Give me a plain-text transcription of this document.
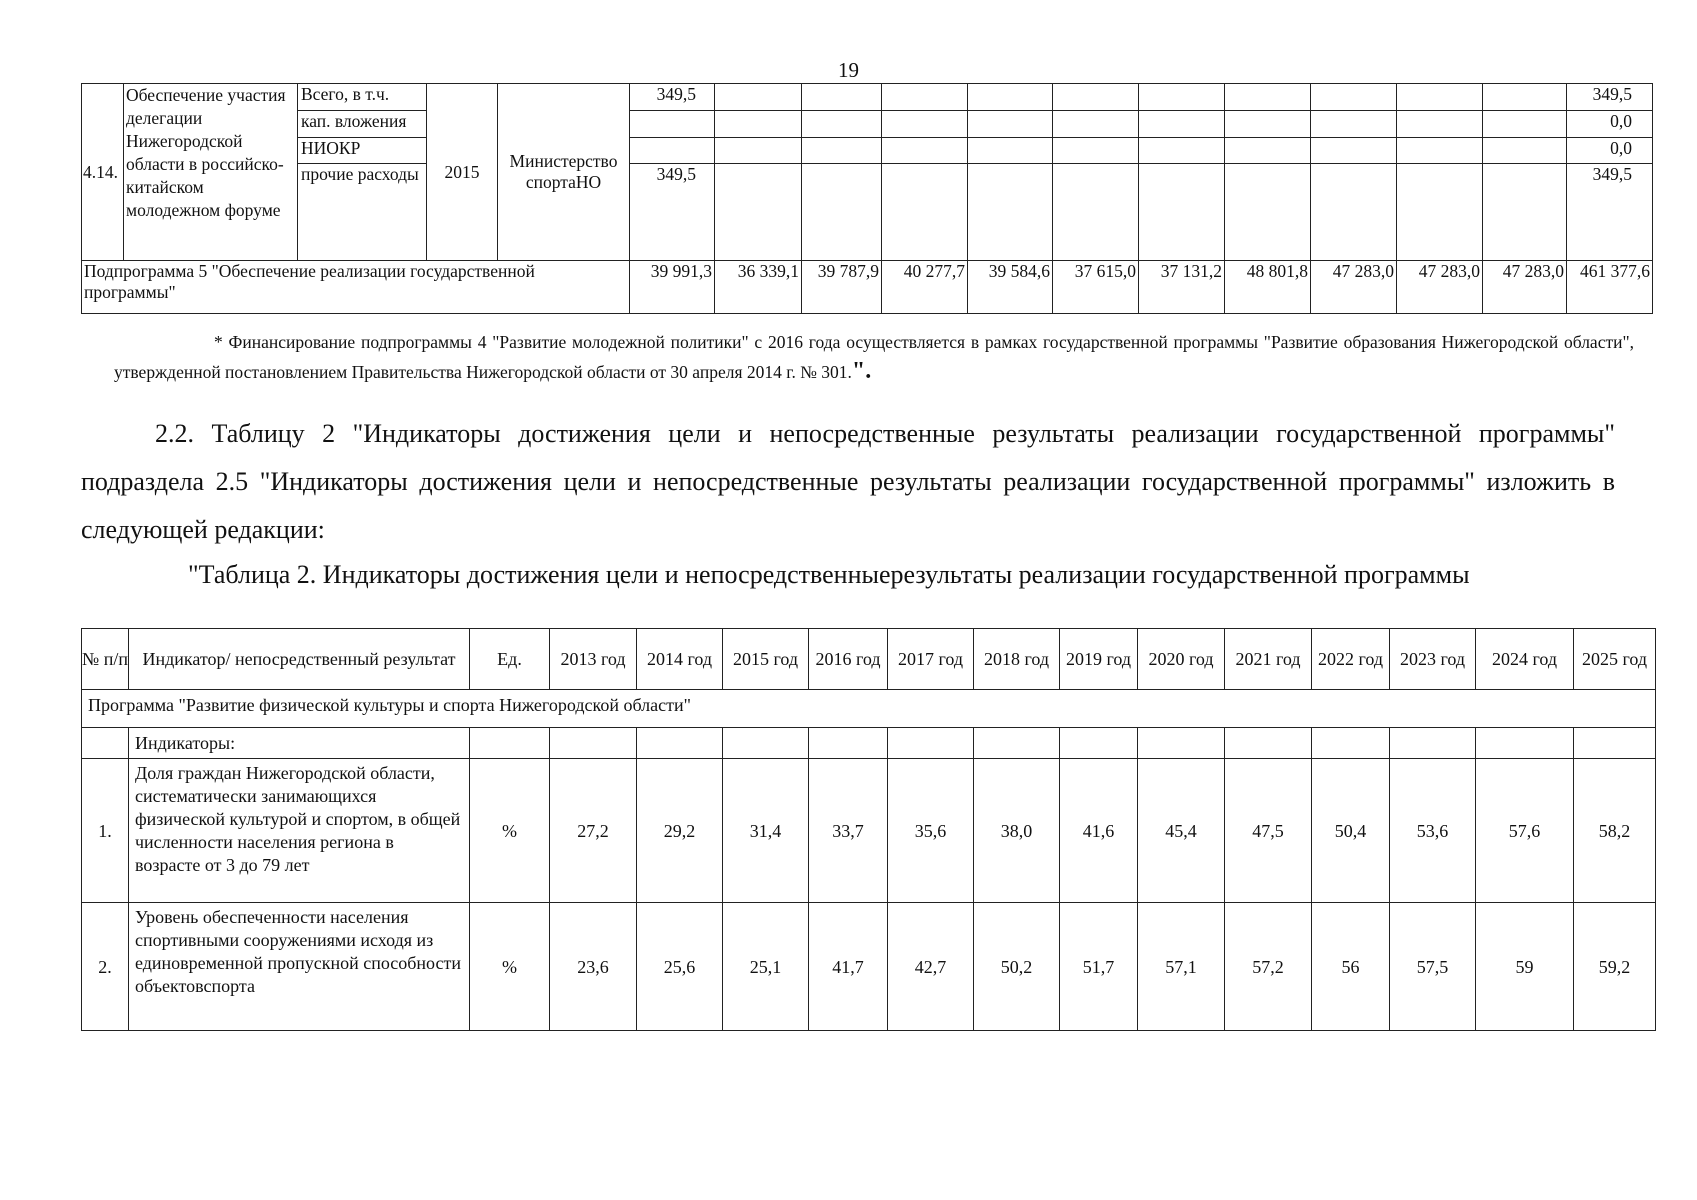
19
4.14.	Обеспечение участия делегации Нижегородской области в российско-китайском молодежном форуме	Всего, в т.ч.	2015	Министерство спортаНО	349,5											349,5
		кап. вложения														0,0
		НИОКР														0,0
		прочие расходы			349,5											349,5
Подпрограмма 5 "Обеспечение реализации государственной программы"					39 991,3	36 339,1	39 787,9	40 277,7	39 584,6	37 615,0	37 131,2	48 801,8	47 283,0	47 283,0	47 283,0	461 377,6
* Финансирование подпрограммы 4 "Развитие молодежной политики" с 2016 года осуществляется в рамках государственной программы "Развитие образования Нижегородской области", утвержденной постановлением Правительства Нижегородской области от 30 апреля 2014 г. № 301.".
2.2. Таблицу 2 "Индикаторы достижения цели и непосредственные результаты реализации государственной программы" подраздела 2.5 "Индикаторы достижения цели и непосредственные результаты реализации государственной программы" изложить в следующей редакции:
"Таблица 2. Индикаторы достижения цели и непосредственныерезультаты реализации государственной программы
№ п/п	Индикатор/ непосредственный результат	Ед.	2013 год	2014 год	2015 год	2016 год	2017 год	2018 год	2019 год	2020 год	2021 год	2022 год	2023 год	2024 год	2025 год
Программа "Развитие физической культуры и спорта Нижегородской области"															
	Индикаторы:														
1.	Доля граждан Нижегородской области, систематически занимающихся физической культурой и спортом, в общей численности населения региона в возрасте от 3 до 79 лет	%	27,2	29,2	31,4	33,7	35,6	38,0	41,6	45,4	47,5	50,4	53,6	57,6	58,2
2.	Уровень обеспеченности населения спортивными сооружениями исходя из единовременной пропускной способности объектовспорта	%	23,6	25,6	25,1	41,7	42,7	50,2	51,7	57,1	57,2	56	57,5	59	59,2
